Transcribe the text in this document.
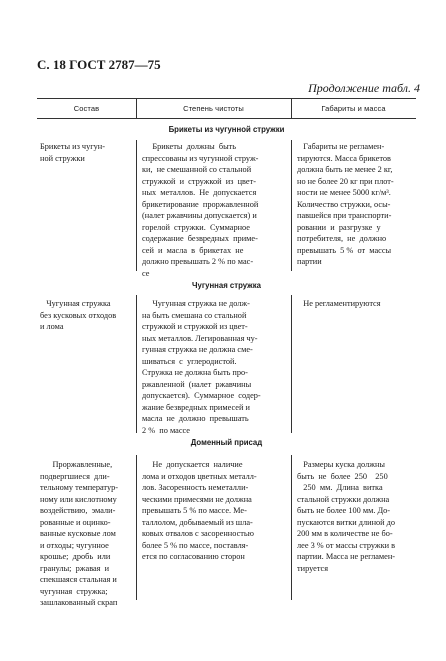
С. 18 ГОСТ 2787—75
Продолжение табл. 4
Состав	Степень чистоты	Габариты и масса
Брикеты из чугунной стружки
Брикеты из чугун-
ной стружки
Брикеты  должны  быть
спрессованы из чугунной струж-
ки,  не смешанной со стальной
стружкой  и  стружкой  из  цвет-
ных  металлов.  Не  допускается
брикетирование  проржавленной
(налет ржавчины допускается) и
горелой  стружки.  Суммарное
содержание  безвредных  приме-
сей  и  масла  в  брикетах  не
должно превышать 2 % по мас-
се
Габариты не регламен-
тируются. Масса брикетов
должна быть не менее 2 кг,
но не более 20 кг при плот-
ности не менее 5000 кг/м³.
Количество стружки, осы-
павшейся при транспорти-
ровании  и  разгрузке  у
потребителя,  не  должно
превышать  5 %  от  массы
партии
Чугунная стружка
Чугунная стружка
без кусковых отходов
и лома
Чугунная стружка не долж-
на быть смешана со стальной
стружкой и стружкой из цвет-
ных металлов. Легированная чу-
гунная стружка не должна сме-
шиваться  с  углеродистой.
Стружка не должна быть про-
ржавленной  (налет  ржавчины
допускается).  Суммарное  содер-
жание безвредных примесей и
масла  не  должно  превышать
2 %  по массе
Не регламентируются
Доменный присад
Проржавленные,
подвергшиеся  дли-
тельному температур-
ному или кислотному
воздействию,  эмали-
рованные и оцинко-
ванные кусковые лом
и отходы; чугунное
крошье;  дробь  или
гранулы;  ржавая  и
спекшаяся стальная и
чугунная  стружка;
зашлакованный скрап
Не  допускается  наличие
лома и отходов цветных металл-
лов. Засоренность неметалли-
ческими примесями не должна
превышать 5 % по массе. Ме-
таллолом, добываемый из шла-
ковых отвалов с засоренностью
более 5 % по массе, поставля-
ется по согласованию сторон
Размеры куска должны
быть  не  более  250    250
250  мм.  Длина  витка
стальной стружки должна
быть не более 100 мм. До-
пускаются витки длиной до
200 мм в количестве не бо-
лее 3 % от массы стружки в
партии. Масса не регламен-
тируется
